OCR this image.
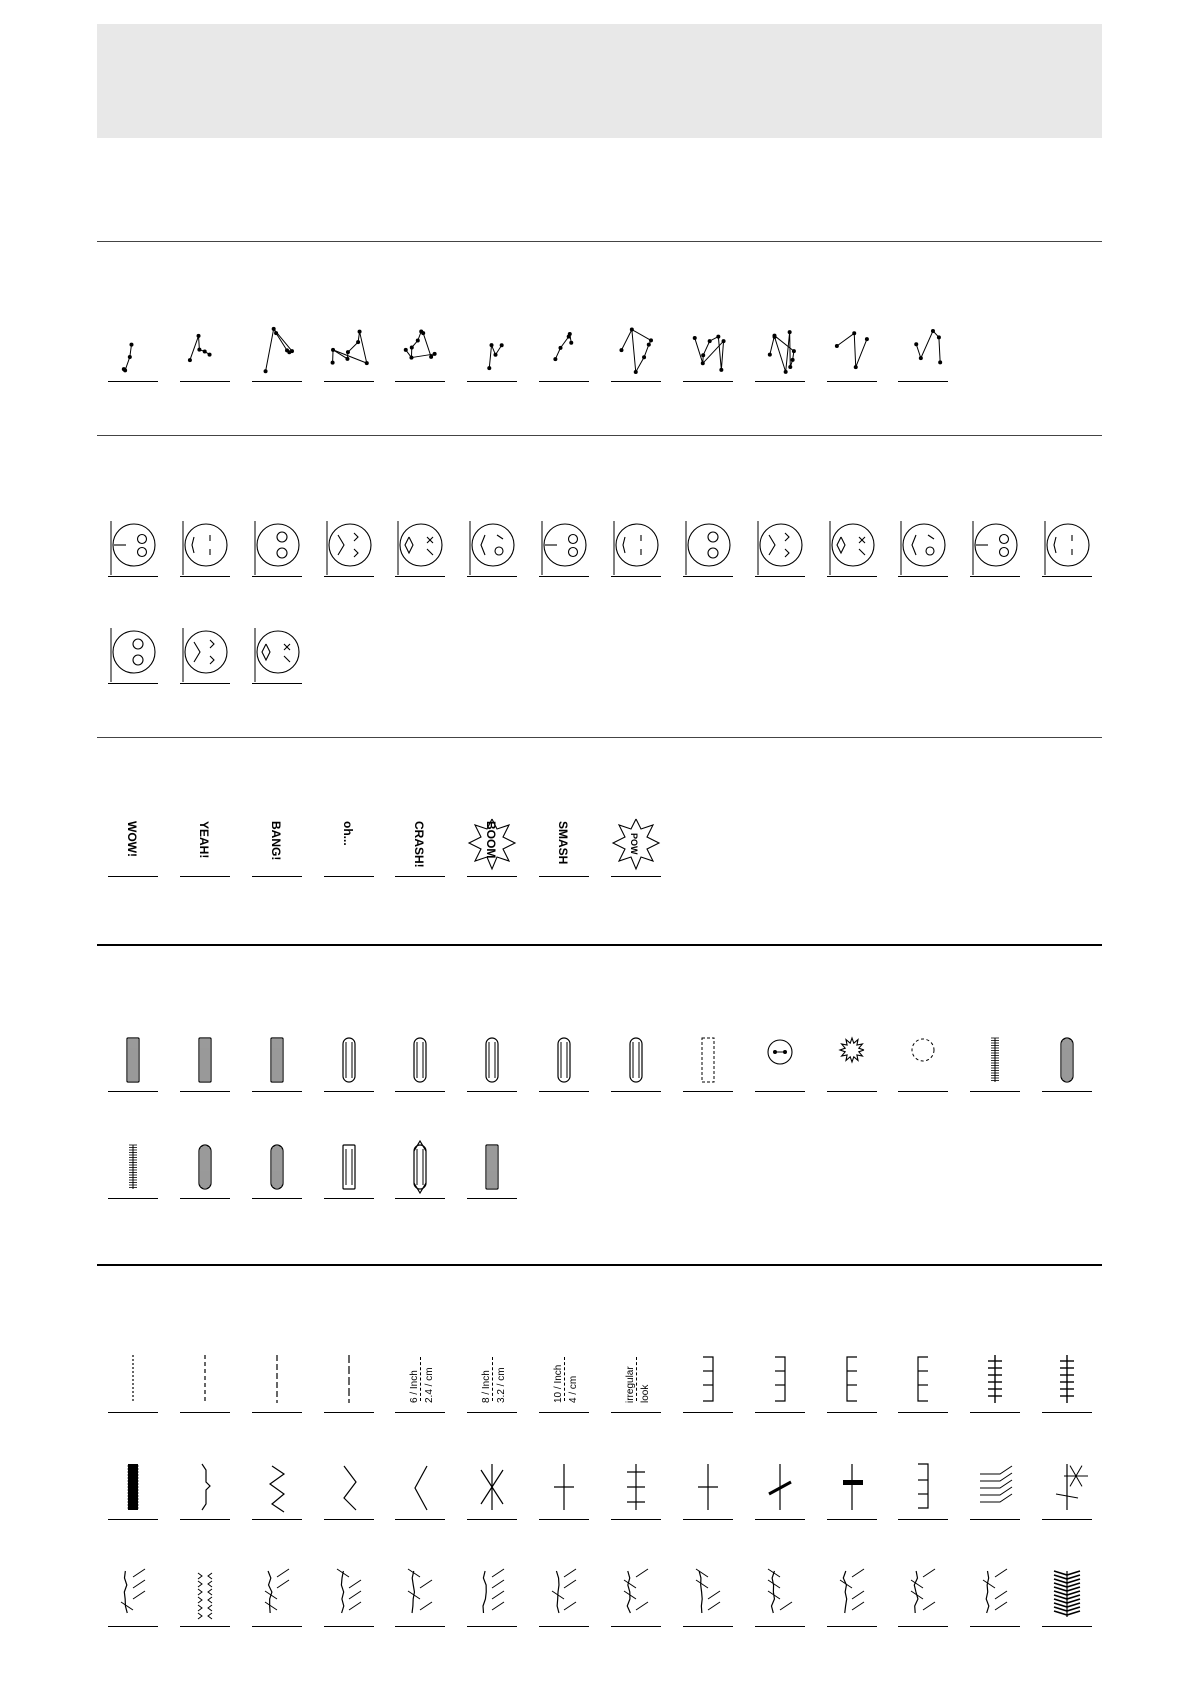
WOW!	YEAH!	BANG!	oh...	CRASH!	BOOM	SMASH	POW
6 / Inch 2.4 / cm	8 / Inch 3.2 / cm	10 / Inch 4 / cm	irregular look
